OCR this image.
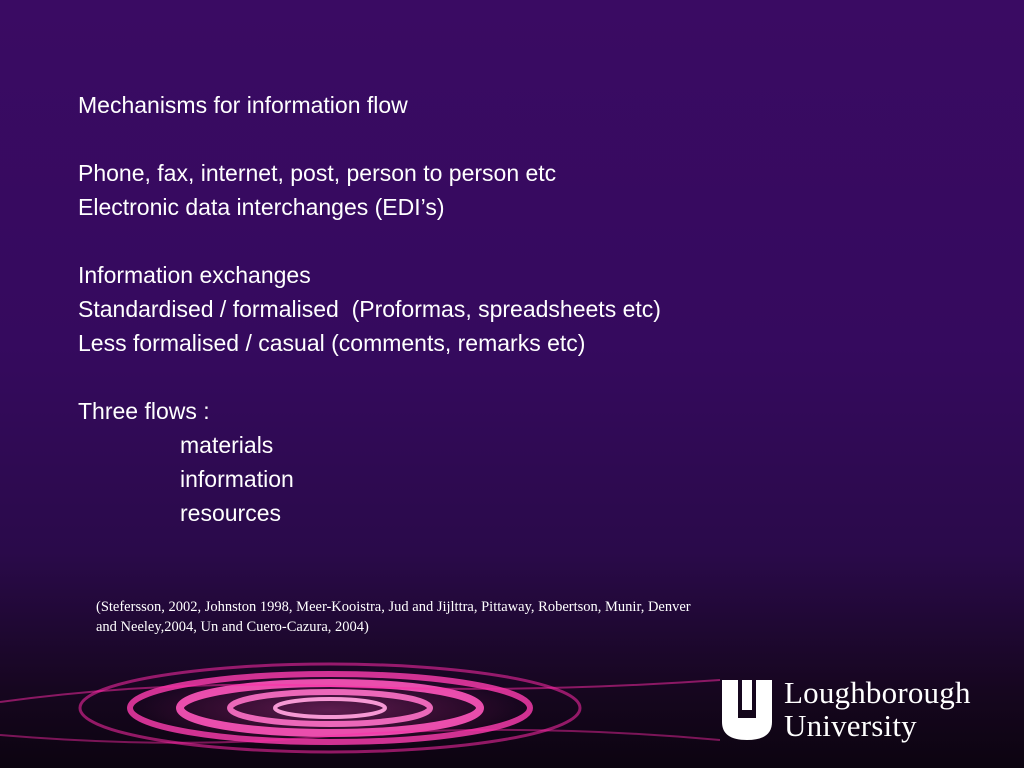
Mechanisms for information flow
Phone, fax, internet, post, person to person etc
Electronic data interchanges (EDI’s)
Information exchanges
Standardised / formalised  (Proformas, spreadsheets etc)
Less formalised / casual (comments, remarks etc)
Three flows :
materials
information
resources
(Stefersson, 2002, Johnston 1998, Meer-Kooistra, Jud and Jijlttra, Pittaway, Robertson, Munir, Denver
and Neeley,2004, Un and Cuero-Cazura, 2004)
Loughborough
University
